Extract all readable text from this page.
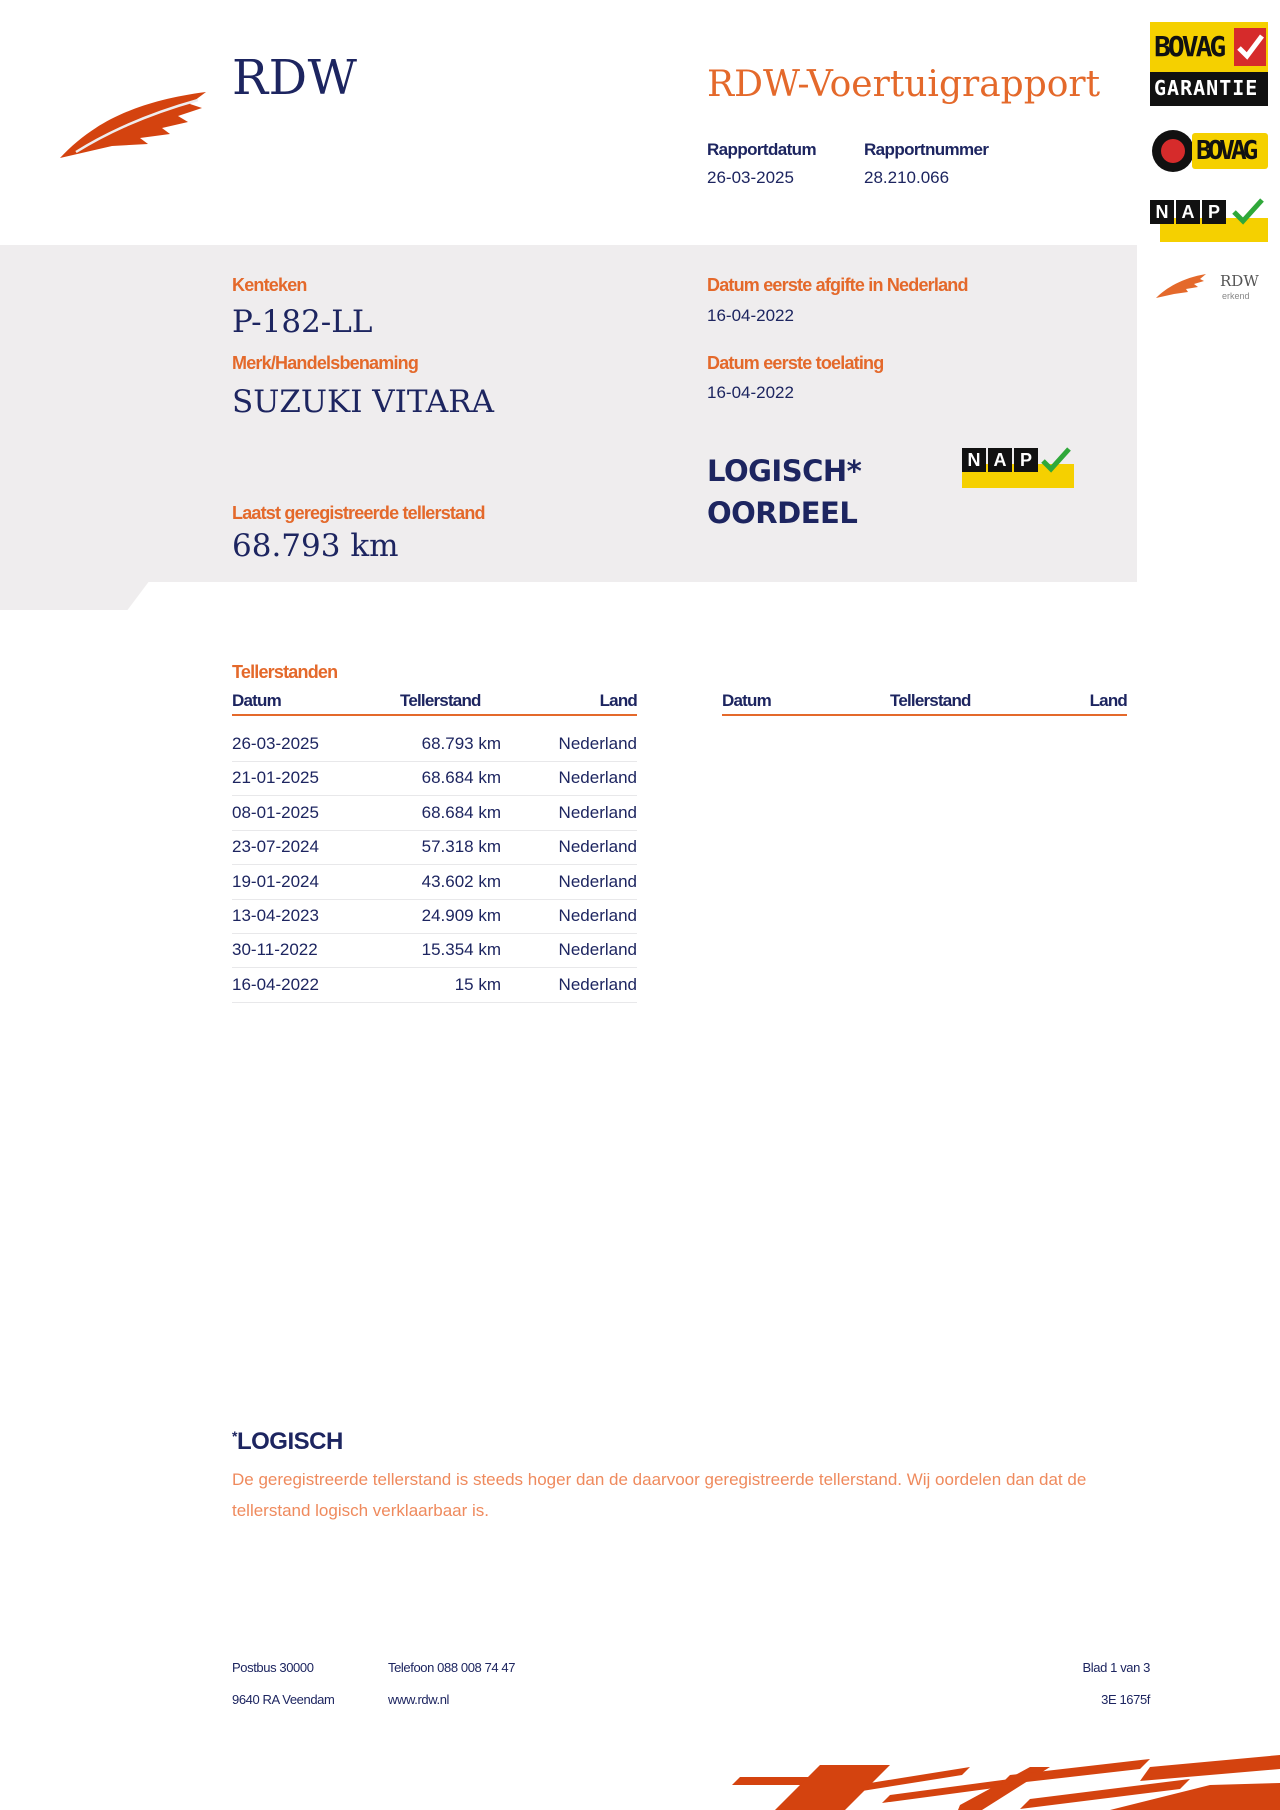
RDW	RDW-Voertuigrapport
Rapportdatum
26-03-2025
Rapportnummer
28.210.066
BOVAG
GARANTIE
BOVAG
N A P
RDW
erkend
Kenteken
P-182-LL
Merk/Handelsbenaming
SUZUKI VITARA
Laatst geregistreerde tellerstand
68.793 km
Datum eerste afgifte in Nederland
16-04-2022
Datum eerste toelating
16-04-2022
LOGISCH*
OORDEEL
N A P
Tellerstanden
Datum	Tellerstand	Land
26-03-2025	68.793 km	Nederland
21-01-2025	68.684 km	Nederland
08-01-2025	68.684 km	Nederland
23-07-2024	57.318 km	Nederland
19-01-2024	43.602 km	Nederland
13-04-2023	24.909 km	Nederland
30-11-2022	15.354 km	Nederland
16-04-2022	15 km	Nederland
Datum	Tellerstand	Land
*LOGISCH
De geregistreerde tellerstand is steeds hoger dan de daarvoor geregistreerde tellerstand. Wij oordelen dan dat de tellerstand logisch verklaarbaar is.
Postbus 30000
9640 RA Veendam
Telefoon 088 008 74 47
www.rdw.nl
Blad 1 van 3
3E 1675f
